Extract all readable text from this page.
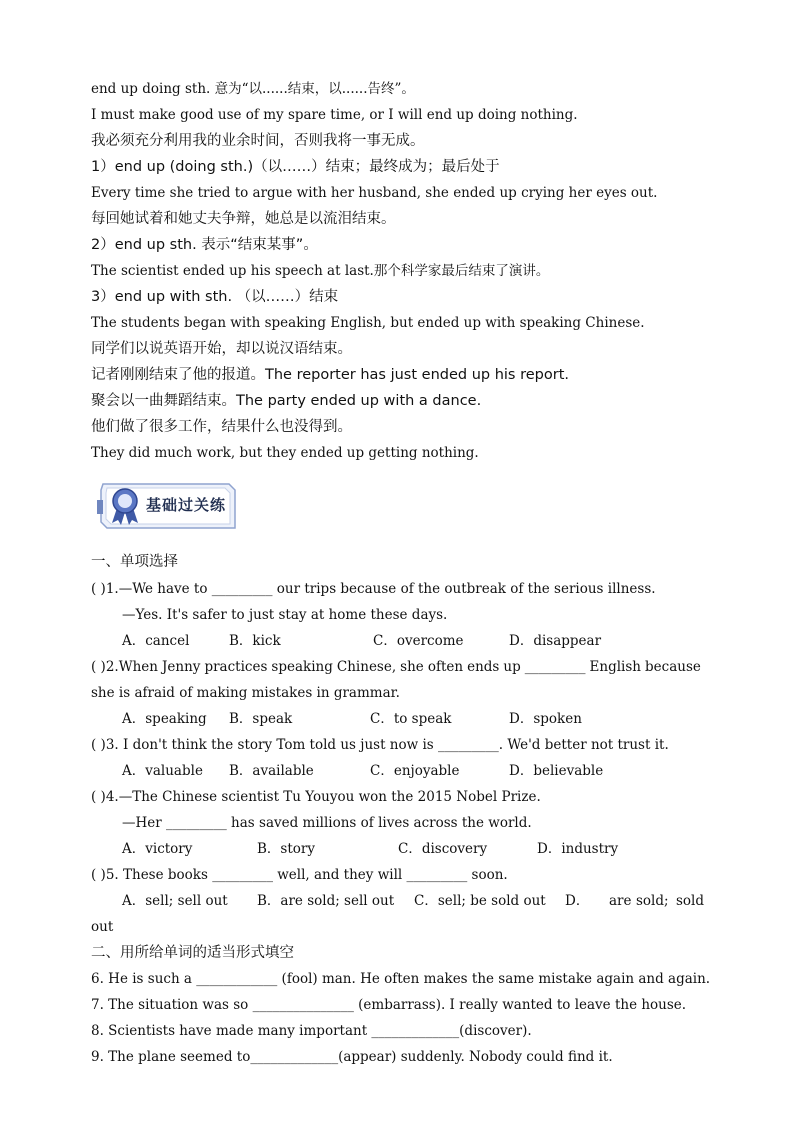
end up doing sth. 意为“以......结束，以......告终”。
I must make good use of my spare time, or I will end up doing nothing.
我必须充分利用我的业余时间，否则我将一事无成。
1）end up (doing sth.)（以……）结束；最终成为；最后处于
Every time she tried to argue with her husband, she ended up crying her eyes out.
每回她试着和她丈夫争辩，她总是以流泪结束。
2）end up sth. 表示“结束某事”。
The scientist ended up his speech at last.那个科学家最后结束了演讲。
3）end up with sth. （以……）结束
The students began with speaking English, but ended up with speaking Chinese.
同学们以说英语开始，却以说汉语结束。
记者刚刚结束了他的报道。The reporter has just ended up his report.
聚会以一曲舞蹈结束。The party ended up with a dance.
他们做了很多工作，结果什么也没得到。
They did much work, but they ended up getting nothing.
基础过关练
一、单项选择
( )1.—We have to _________ our trips because of the outbreak of the serious illness.
—Yes. It's safer to just stay at home these days.
A．cancel	B．kick	C．overcome	D．disappear
( )2.When Jenny practices speaking Chinese, she often ends up _________ English because
she is afraid of making mistakes in grammar.
A．speaking B．speak	C．to speak	D．spoken
( )3. I don't think the story Tom told us just now is _________. We'd better not trust it.
A．valuable B．available	C．enjoyable	D．believable
( )4.—The Chinese scientist Tu Youyou won the 2015 Nobel Prize.
—Her _________ has saved millions of lives across the world.
A．victory	B．story	C．discovery	D．industry
( )5. These books _________ well, and they will _________ soon.
A．sell; sell out B．are sold; sell out C．sell; be sold out D． are sold; sold
out
二、用所给单词的适当形式填空
6. He is such a ____________ (fool) man. He often makes the same mistake again and again.
7. The situation was so _______________ (embarrass). I really wanted to leave the house.
8. Scientists have made many important _____________(discover).
9. The plane seemed to_____________(appear) suddenly. Nobody could find it.
